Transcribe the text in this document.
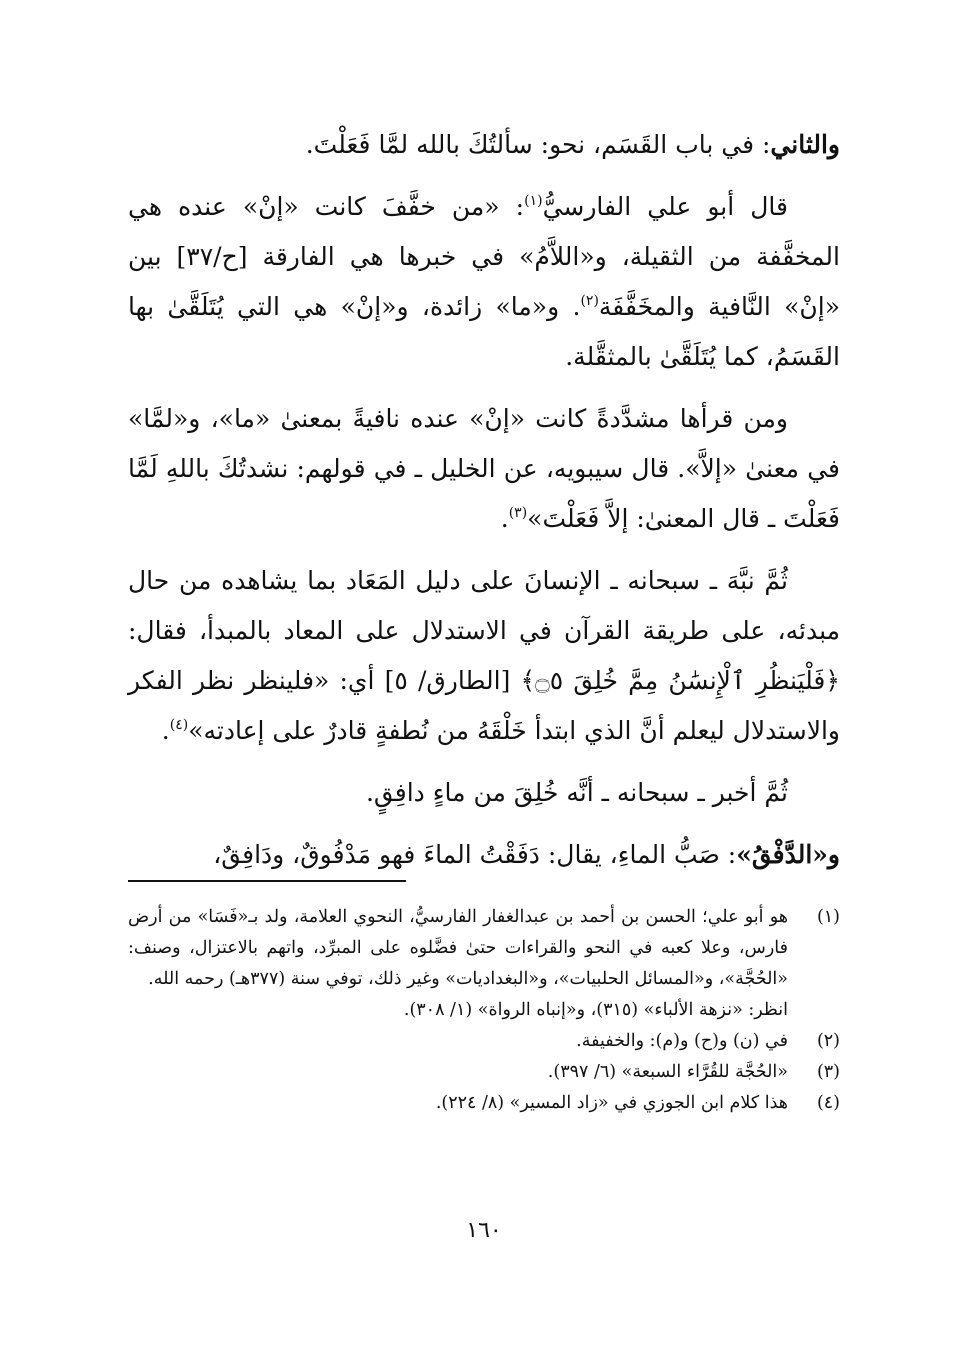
والثاني: في باب القَسَم، نحو: سألتُكَ بالله لمَّا فَعَلْتَ.

قال أبو علي الفارسيُّ$^{(١)}$: «من خفَّفَ كانت «إنْ» عنده هي المخفَّفة من الثقيلة، و«اللاَّمُ» في خبرها هي الفارقة [ح/٣٧] بين «إنْ» النَّافية والمخَفَّفَة$^{(٢)}$. و«ما» زائدة، و«إنْ» هي التي يُتَلَقَّىٰ بها القَسَمُ، كما يُتَلَقَّىٰ بالمثقَّلة.

ومن قرأها مشدَّدةً كانت «إنْ» عنده نافيةً بمعنىٰ «ما»، و«لمَّا» في معنىٰ «إلاَّ». قال سيبويه، عن الخليل ـ في قولهم: نشدتُكَ باللهِ لَمَّا فَعَلْتَ ـ قال المعنىٰ: إلاَّ فَعَلْتَ»$^{(٣)}$.

ثُمَّ نبَّهَ ـ سبحانه ـ الإنسانَ على دليل المَعَاد بما يشاهده من حال مبدئه، على طريقة القرآن في الاستدلال على المعاد بالمبدأ، فقال: ﴿فَلْيَنظُرِ ٱلْإِنسَٰنُ مِمَّ خُلِقَ ۝٥﴾ [الطارق/ ٥] أي: «فلينظر نظر الفكر والاستدلال ليعلم أنَّ الذي ابتدأ خَلْقَهُ من نُطفةٍ قادرٌ على إعادته»$^{(٤)}$.

ثُمَّ أخبر ـ سبحانه ـ أنَّه خُلِقَ من ماءٍ دافِقٍ.

و«الدَّفْقُ»: صَبُّ الماءِ، يقال: دَفَقْتُ الماءَ فهو مَدْفُوقٌ، ودَافِقٌ،

(١)
هو أبو علي؛ الحسن بن أحمد بن عبدالغفار الفارسيُّ، النحوي العلامة، ولد بـ«فَسَا» من أرض فارس، وعلا كعبه في النحو والقراءات حتىٰ فضَّلوه على المبرِّد، واتهم بالاعتزال، وصنف: «الحُجَّة»، و«المسائل الحلبيات»، و«البغداديات» وغير ذلك، توفي سنة (٣٧٧هـ) رحمه الله.
انظر: «نزهة الألباء» (٣١٥)، و«إنباه الرواة» (١/ ٣٠٨).
(٢)
في (ن) و(ح) و(م): والخفيفة.
(٣)
«الحُجَّة للقُرَّاء السبعة» (٦/ ٣٩٧).
(٤)
هذا كلام ابن الجوزي في «زاد المسير» (٨/ ٢٢٤).
١٦٠
